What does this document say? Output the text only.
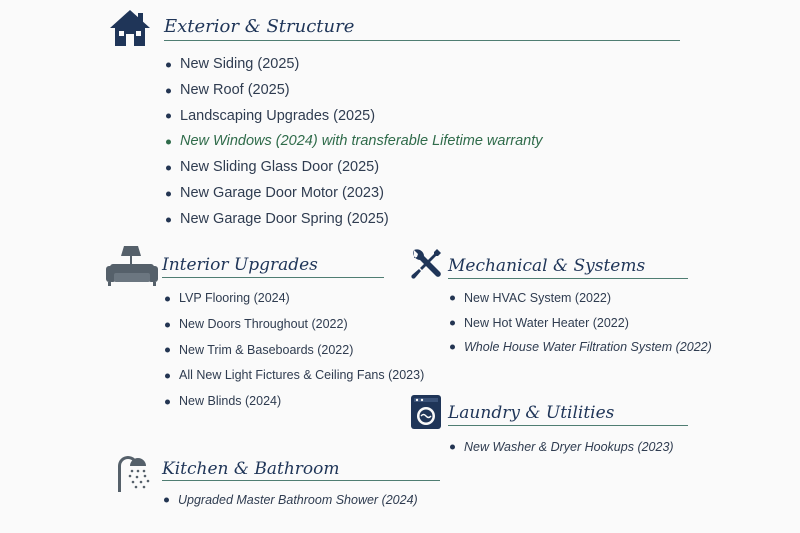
Exterior & Structure
New Siding (2025)
New Roof (2025)
Landscaping Upgrades (2025)
New Windows (2024) with transferable Lifetime warranty
New Sliding Glass Door (2025)
New Garage Door Motor (2023)
New Garage Door Spring (2025)
Interior Upgrades
LVP Flooring (2024)
New Doors Throughout (2022)
New Trim & Baseboards (2022)
All New Light Fictures & Ceiling Fans (2023)
New Blinds (2024)
Mechanical & Systems
New HVAC System (2022)
New Hot Water Heater (2022)
Whole House Water Filtration System (2022)
Laundry & Utilities
New Washer & Dryer Hookups (2023)
Kitchen & Bathroom
Upgraded Master Bathroom Shower (2024)
